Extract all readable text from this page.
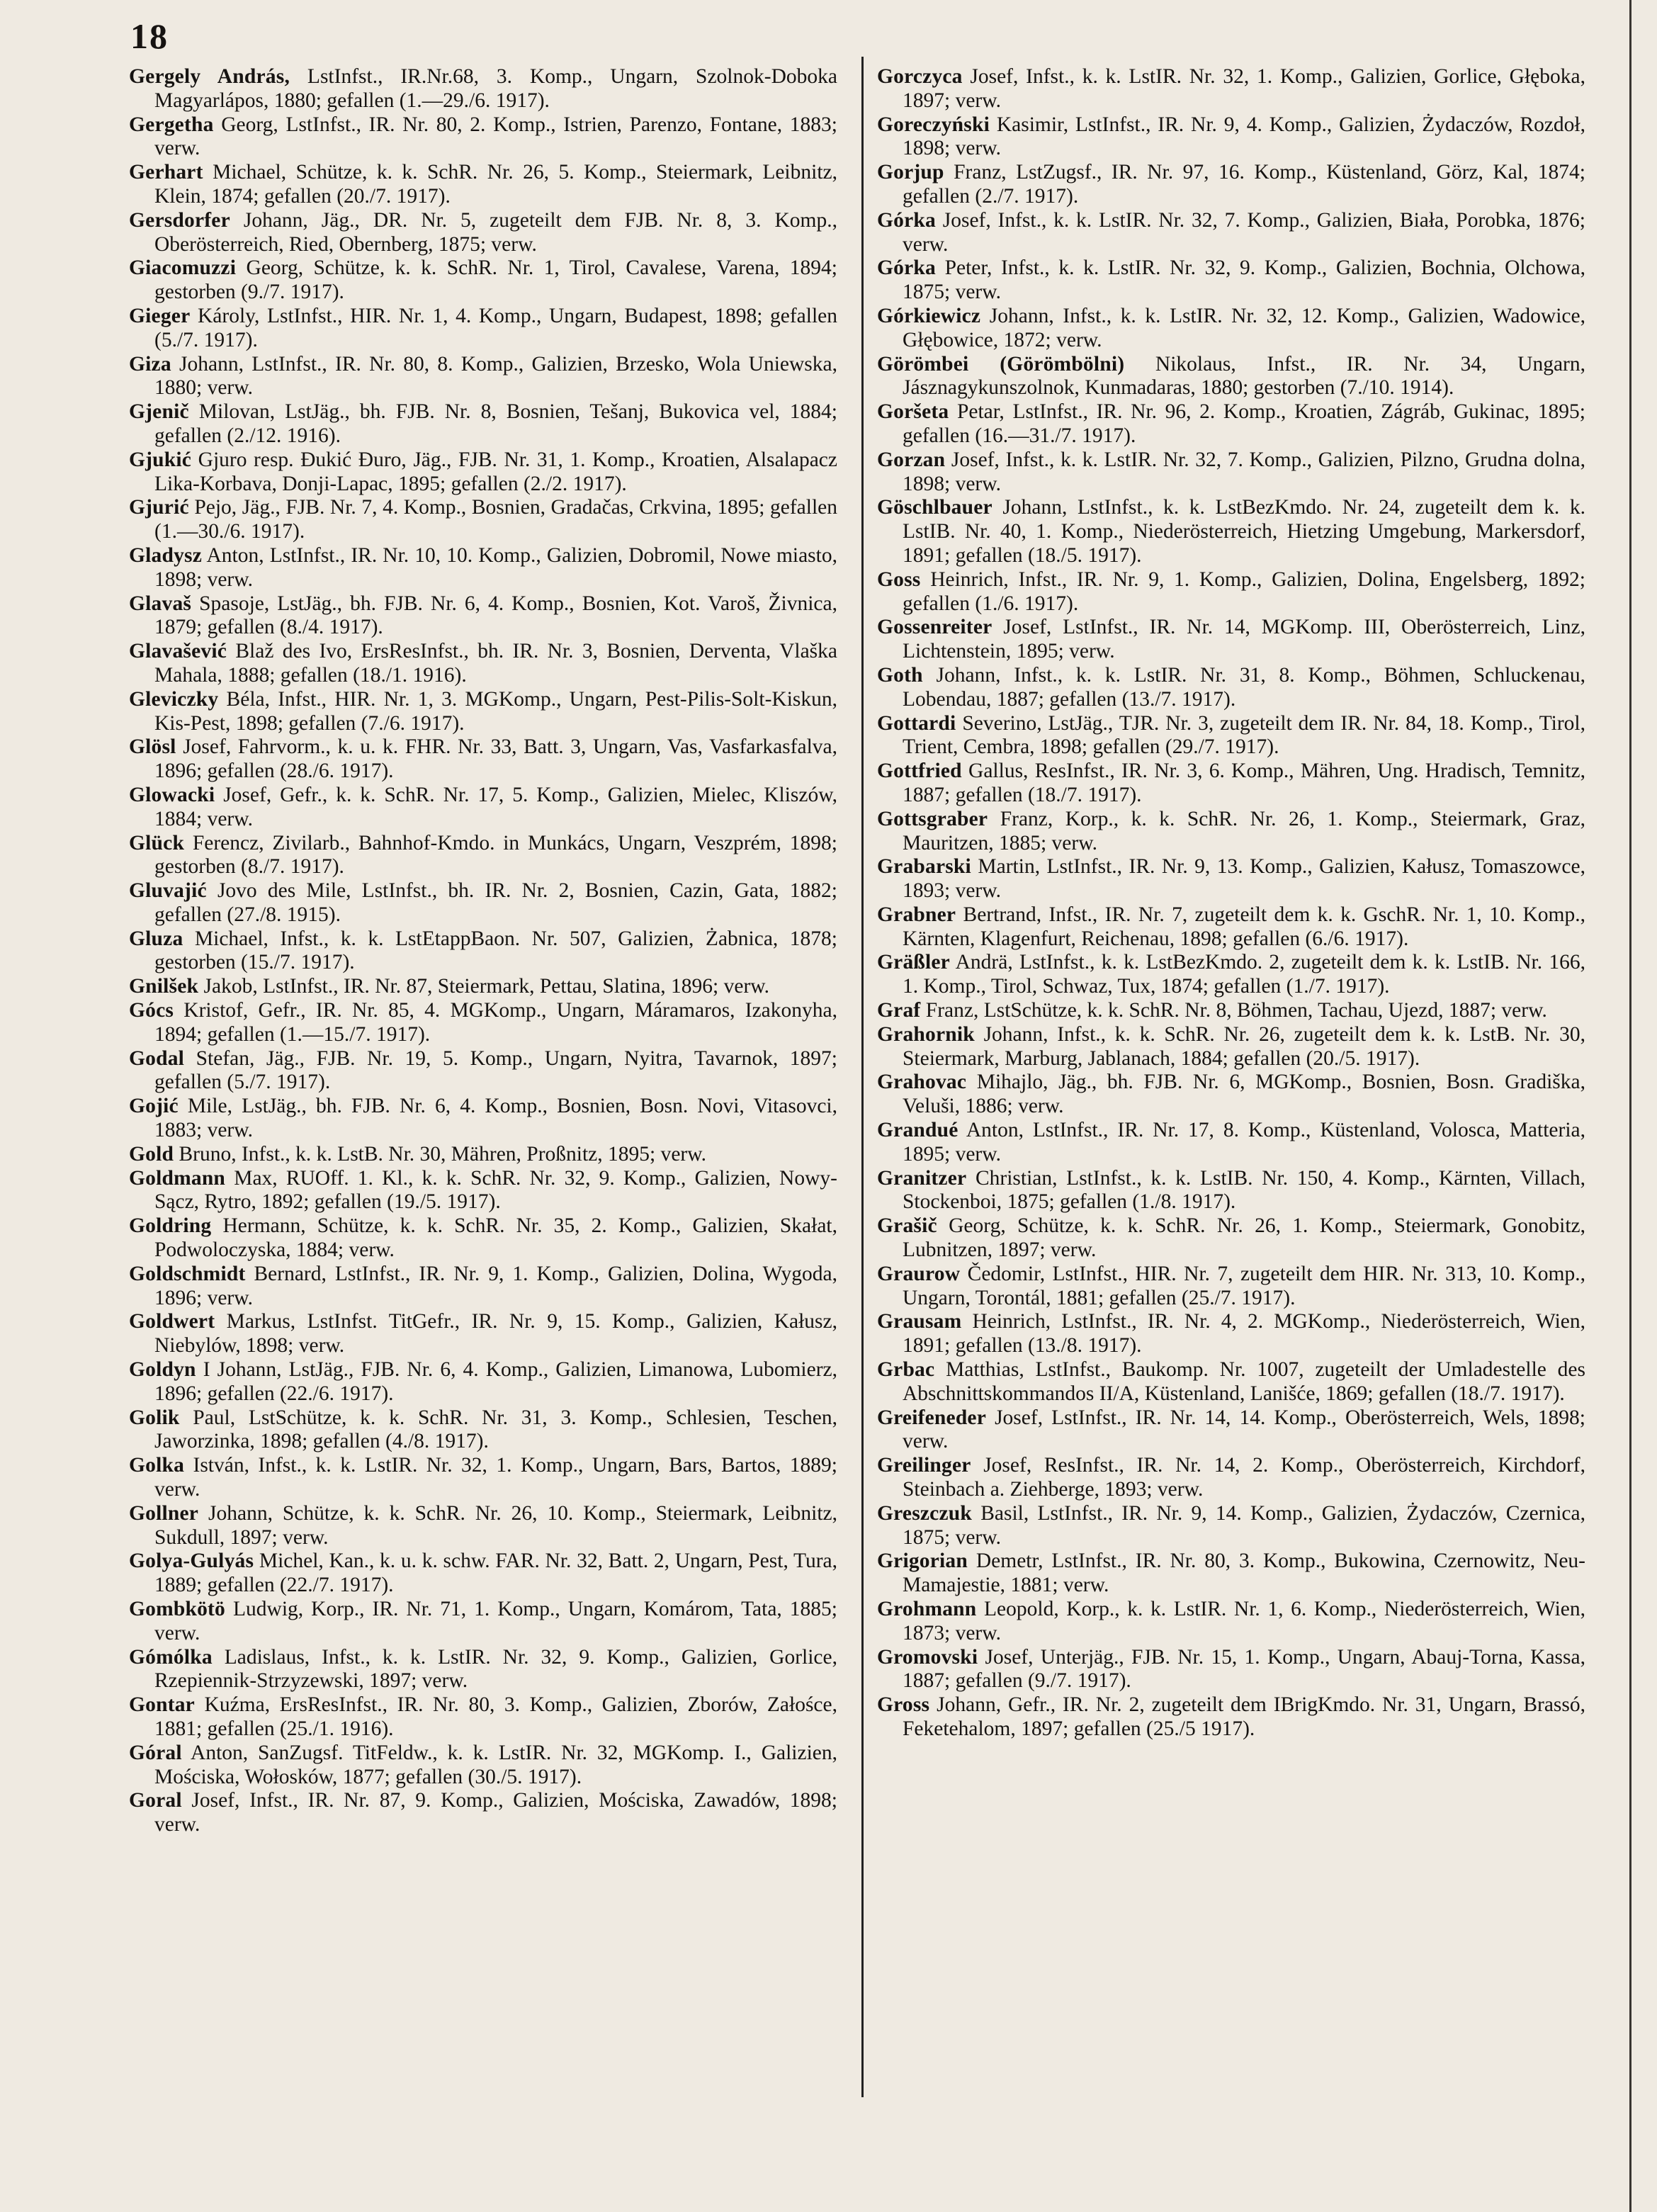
18

Gergely András, LstInfst., IR.Nr.68, 3. Komp., Ungarn, Szolnok-Doboka Magyarlápos, 1880; gefallen (1.—29./6. 1917).

Gergetha Georg, LstInfst., IR. Nr. 80, 2. Komp., Istrien, Parenzo, Fontane, 1883; verw.

Gerhart Michael, Schütze, k. k. SchR. Nr. 26, 5. Komp., Steiermark, Leibnitz, Klein, 1874; gefallen (20./7. 1917).

Gersdorfer Johann, Jäg., DR. Nr. 5, zugeteilt dem FJB. Nr. 8, 3. Komp., Oberösterreich, Ried, Obernberg, 1875; verw.

Giacomuzzi Georg, Schütze, k. k. SchR. Nr. 1, Tirol, Cavalese, Varena, 1894; gestorben (9./7. 1917).

Gieger Károly, LstInfst., HIR. Nr. 1, 4. Komp., Ungarn, Budapest, 1898; gefallen (5./7. 1917).

Giza Johann, LstInfst., IR. Nr. 80, 8. Komp., Galizien, Brzesko, Wola Uniewska, 1880; verw.

Gjenič Milovan, LstJäg., bh. FJB. Nr. 8, Bosnien, Tešanj, Bukovica vel, 1884; gefallen (2./12. 1916).

Gjukić Gjuro resp. Đukić Đuro, Jäg., FJB. Nr. 31, 1. Komp., Kroatien, Alsalapacz Lika-Korbava, Donji-Lapac, 1895; gefallen (2./2. 1917).

Gjurić Pejo, Jäg., FJB. Nr. 7, 4. Komp., Bosnien, Gradačas, Crkvina, 1895; gefallen (1.—30./6. 1917).

Gladysz Anton, LstInfst., IR. Nr. 10, 10. Komp., Galizien, Dobromil, Nowe miasto, 1898; verw.

Glavaš Spasoje, LstJäg., bh. FJB. Nr. 6, 4. Komp., Bosnien, Kot. Varoš, Živnica, 1879; gefallen (8./4. 1917).

Glavašević Blaž des Ivo, ErsResInfst., bh. IR. Nr. 3, Bosnien, Derventa, Vlaška Mahala, 1888; gefallen (18./1. 1916).

Gleviczky Béla, Infst., HIR. Nr. 1, 3. MGKomp., Ungarn, Pest-Pilis-Solt-Kiskun, Kis-Pest, 1898; gefallen (7./6. 1917).

Glösl Josef, Fahrvorm., k. u. k. FHR. Nr. 33, Batt. 3, Ungarn, Vas, Vasfarkasfalva, 1896; gefallen (28./6. 1917).

Glowacki Josef, Gefr., k. k. SchR. Nr. 17, 5. Komp., Galizien, Mielec, Kliszów, 1884; verw.

Glück Ferencz, Zivilarb., Bahnhof-Kmdo. in Munkács, Ungarn, Veszprém, 1898; gestorben (8./7. 1917).

Gluvajić Jovo des Mile, LstInfst., bh. IR. Nr. 2, Bosnien, Cazin, Gata, 1882; gefallen (27./8. 1915).

Gluza Michael, Infst., k. k. LstEtappBaon. Nr. 507, Galizien, Żabnica, 1878; gestorben (15./7. 1917).

Gnilšek Jakob, LstInfst., IR. Nr. 87, Steiermark, Pettau, Slatina, 1896; verw.

Gócs Kristof, Gefr., IR. Nr. 85, 4. MGKomp., Ungarn, Máramaros, Izakonyha, 1894; gefallen (1.—15./7. 1917).

Godal Stefan, Jäg., FJB. Nr. 19, 5. Komp., Ungarn, Nyitra, Tavarnok, 1897; gefallen (5./7. 1917).

Gojić Mile, LstJäg., bh. FJB. Nr. 6, 4. Komp., Bosnien, Bosn. Novi, Vitasovci, 1883; verw.

Gold Bruno, Infst., k. k. LstB. Nr. 30, Mähren, Proßnitz, 1895; verw.

Goldmann Max, RUOff. 1. Kl., k. k. SchR. Nr. 32, 9. Komp., Galizien, Nowy-Sącz, Rytro, 1892; gefallen (19./5. 1917).

Goldring Hermann, Schütze, k. k. SchR. Nr. 35, 2. Komp., Galizien, Skałat, Podwoloczyska, 1884; verw.

Goldschmidt Bernard, LstInfst., IR. Nr. 9, 1. Komp., Galizien, Dolina, Wygoda, 1896; verw.

Goldwert Markus, LstInfst. TitGefr., IR. Nr. 9, 15. Komp., Galizien, Kałusz, Niebylów, 1898; verw.

Goldyn I Johann, LstJäg., FJB. Nr. 6, 4. Komp., Galizien, Limanowa, Lubomierz, 1896; gefallen (22./6. 1917).

Golik Paul, LstSchütze, k. k. SchR. Nr. 31, 3. Komp., Schlesien, Teschen, Jaworzinka, 1898; gefallen (4./8. 1917).

Golka István, Infst., k. k. LstIR. Nr. 32, 1. Komp., Ungarn, Bars, Bartos, 1889; verw.

Gollner Johann, Schütze, k. k. SchR. Nr. 26, 10. Komp., Steiermark, Leibnitz, Sukdull, 1897; verw.

Golya-Gulyás Michel, Kan., k. u. k. schw. FAR. Nr. 32, Batt. 2, Ungarn, Pest, Tura, 1889; gefallen (22./7. 1917).

Gombkötö Ludwig, Korp., IR. Nr. 71, 1. Komp., Ungarn, Komárom, Tata, 1885; verw.

Gómólka Ladislaus, Infst., k. k. LstIR. Nr. 32, 9. Komp., Galizien, Gorlice, Rzepiennik-Strzyzewski, 1897; verw.

Gontar Kuźma, ErsResInfst., IR. Nr. 80, 3. Komp., Galizien, Zborów, Załośce, 1881; gefallen (25./1. 1916).

Góral Anton, SanZugsf. TitFeldw., k. k. LstIR. Nr. 32, MGKomp. I., Galizien, Mościska, Wołosków, 1877; gefallen (30./5. 1917).

Goral Josef, Infst., IR. Nr. 87, 9. Komp., Galizien, Mościska, Zawadów, 1898; verw.

Gorczyca Josef, Infst., k. k. LstIR. Nr. 32, 1. Komp., Galizien, Gorlice, Głęboka, 1897; verw.

Goreczyński Kasimir, LstInfst., IR. Nr. 9, 4. Komp., Galizien, Żydaczów, Rozdoł, 1898; verw.

Gorjup Franz, LstZugsf., IR. Nr. 97, 16. Komp., Küstenland, Görz, Kal, 1874; gefallen (2./7. 1917).

Górka Josef, Infst., k. k. LstIR. Nr. 32, 7. Komp., Galizien, Biała, Porobka, 1876; verw.

Górka Peter, Infst., k. k. LstIR. Nr. 32, 9. Komp., Galizien, Bochnia, Olchowa, 1875; verw.

Górkiewicz Johann, Infst., k. k. LstIR. Nr. 32, 12. Komp., Galizien, Wadowice, Głębowice, 1872; verw.

Görömbei (Görömbölni) Nikolaus, Infst., IR. Nr. 34, Ungarn, Jásznagykunszolnok, Kunmadaras, 1880; gestorben (7./10. 1914).

Goršeta Petar, LstInfst., IR. Nr. 96, 2. Komp., Kroatien, Zágráb, Gukinac, 1895; gefallen (16.—31./7. 1917).

Gorzan Josef, Infst., k. k. LstIR. Nr. 32, 7. Komp., Galizien, Pilzno, Grudna dolna, 1898; verw.

Göschlbauer Johann, LstInfst., k. k. LstBezKmdo. Nr. 24, zugeteilt dem k. k. LstIB. Nr. 40, 1. Komp., Niederösterreich, Hietzing Umgebung, Markersdorf, 1891; gefallen (18./5. 1917).

Goss Heinrich, Infst., IR. Nr. 9, 1. Komp., Galizien, Dolina, Engelsberg, 1892; gefallen (1./6. 1917).

Gossenreiter Josef, LstInfst., IR. Nr. 14, MGKomp. III, Oberösterreich, Linz, Lichtenstein, 1895; verw.

Goth Johann, Infst., k. k. LstIR. Nr. 31, 8. Komp., Böhmen, Schluckenau, Lobendau, 1887; gefallen (13./7. 1917).

Gottardi Severino, LstJäg., TJR. Nr. 3, zugeteilt dem IR. Nr. 84, 18. Komp., Tirol, Trient, Cembra, 1898; gefallen (29./7. 1917).

Gottfried Gallus, ResInfst., IR. Nr. 3, 6. Komp., Mähren, Ung. Hradisch, Temnitz, 1887; gefallen (18./7. 1917).

Gottsgraber Franz, Korp., k. k. SchR. Nr. 26, 1. Komp., Steiermark, Graz, Mauritzen, 1885; verw.

Grabarski Martin, LstInfst., IR. Nr. 9, 13. Komp., Galizien, Kałusz, Tomaszowce, 1893; verw.

Grabner Bertrand, Infst., IR. Nr. 7, zugeteilt dem k. k. GschR. Nr. 1, 10. Komp., Kärnten, Klagenfurt, Reichenau, 1898; gefallen (6./6. 1917).

Gräßler Andrä, LstInfst., k. k. LstBezKmdo. 2, zugeteilt dem k. k. LstIB. Nr. 166, 1. Komp., Tirol, Schwaz, Tux, 1874; gefallen (1./7. 1917).

Graf Franz, LstSchütze, k. k. SchR. Nr. 8, Böhmen, Tachau, Ujezd, 1887; verw.

Grahornik Johann, Infst., k. k. SchR. Nr. 26, zugeteilt dem k. k. LstB. Nr. 30, Steiermark, Marburg, Jablanach, 1884; gefallen (20./5. 1917).

Grahovac Mihajlo, Jäg., bh. FJB. Nr. 6, MGKomp., Bosnien, Bosn. Gradiška, Veluši, 1886; verw.

Grandué Anton, LstInfst., IR. Nr. 17, 8. Komp., Küstenland, Volosca, Matteria, 1895; verw.

Granitzer Christian, LstInfst., k. k. LstIB. Nr. 150, 4. Komp., Kärnten, Villach, Stockenboi, 1875; gefallen (1./8. 1917).

Grašič Georg, Schütze, k. k. SchR. Nr. 26, 1. Komp., Steiermark, Gonobitz, Lubnitzen, 1897; verw.

Graurow Čedomir, LstInfst., HIR. Nr. 7, zugeteilt dem HIR. Nr. 313, 10. Komp., Ungarn, Torontál, 1881; gefallen (25./7. 1917).

Grausam Heinrich, LstInfst., IR. Nr. 4, 2. MGKomp., Niederösterreich, Wien, 1891; gefallen (13./8. 1917).

Grbac Matthias, LstInfst., Baukomp. Nr. 1007, zugeteilt der Umladestelle des Abschnittskommandos II/A, Küstenland, Lanišće, 1869; gefallen (18./7. 1917).

Greifeneder Josef, LstInfst., IR. Nr. 14, 14. Komp., Oberösterreich, Wels, 1898; verw.

Greilinger Josef, ResInfst., IR. Nr. 14, 2. Komp., Oberösterreich, Kirchdorf, Steinbach a. Ziehberge, 1893; verw.

Greszczuk Basil, LstInfst., IR. Nr. 9, 14. Komp., Galizien, Żydaczów, Czernica, 1875; verw.

Grigorian Demetr, LstInfst., IR. Nr. 80, 3. Komp., Bukowina, Czernowitz, Neu-Mamajestie, 1881; verw.

Grohmann Leopold, Korp., k. k. LstIR. Nr. 1, 6. Komp., Niederösterreich, Wien, 1873; verw.

Gromovski Josef, Unterjäg., FJB. Nr. 15, 1. Komp., Ungarn, Abauj-Torna, Kassa, 1887; gefallen (9./7. 1917).

Gross Johann, Gefr., IR. Nr. 2, zugeteilt dem IBrigKmdo. Nr. 31, Ungarn, Brassó, Feketehalom, 1897; gefallen (25./5 1917).
